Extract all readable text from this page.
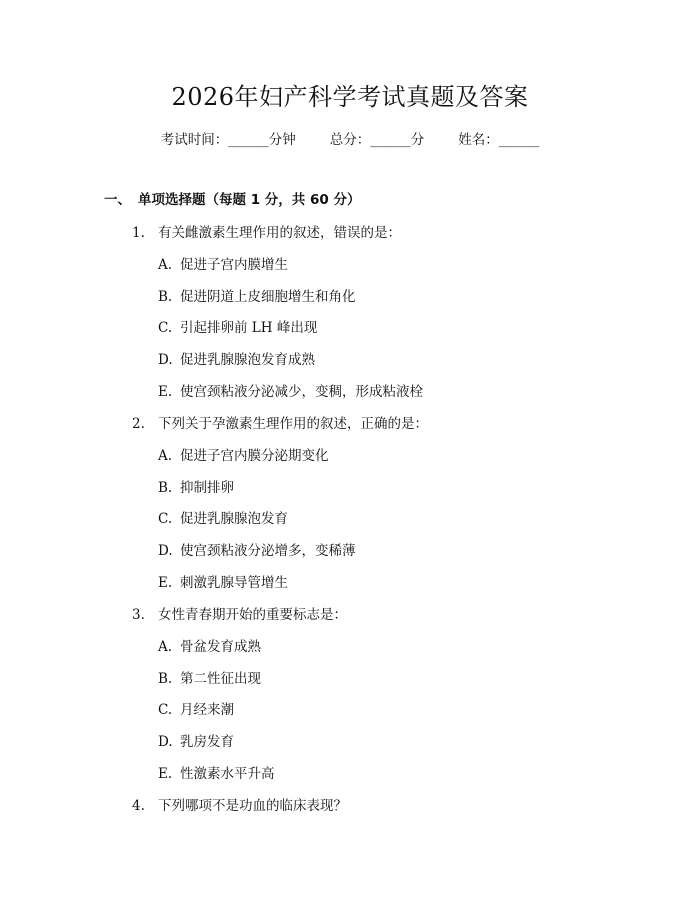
2026年妇产科学考试真题及答案
考试时间：______分钟	总分：______分	姓名：______
一、 单项选择题（每题 1 分，共 60 分）
1. 有关雌激素生理作用的叙述，错误的是：
A. 促进子宫内膜增生
B. 促进阴道上皮细胞增生和角化
C. 引起排卵前 LH 峰出现
D. 促进乳腺腺泡发育成熟
E. 使宫颈粘液分泌减少，变稠，形成粘液栓
2. 下列关于孕激素生理作用的叙述，正确的是：
A. 促进子宫内膜分泌期变化
B. 抑制排卵
C. 促进乳腺腺泡发育
D. 使宫颈粘液分泌增多，变稀薄
E. 刺激乳腺导管增生
3. 女性青春期开始的重要标志是：
A. 骨盆发育成熟
B. 第二性征出现
C. 月经来潮
D. 乳房发育
E. 性激素水平升高
4. 下列哪项不是功血的临床表现？
